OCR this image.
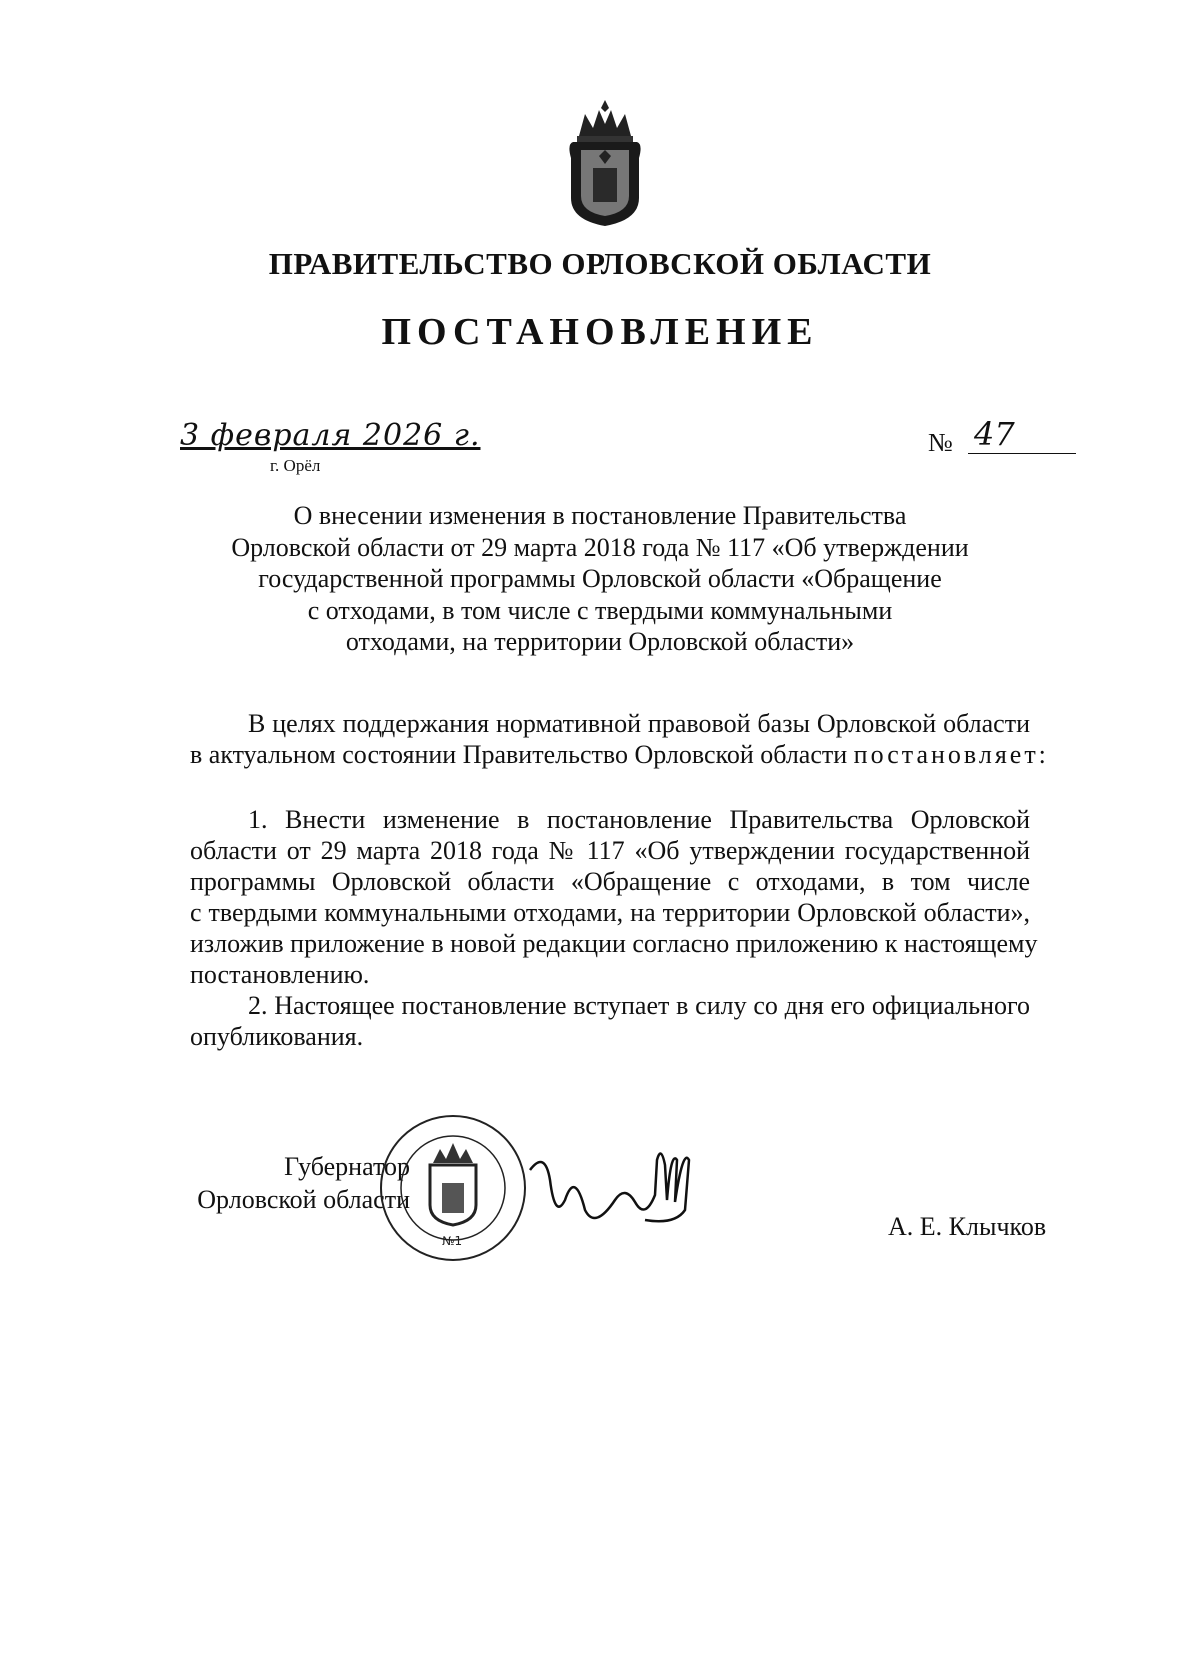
ПРАВИТЕЛЬСТВО ОРЛОВСКОЙ ОБЛАСТИ
ПОСТАНОВЛЕНИЕ
3 февраля 2026 г.
г. Орёл
№ 47
О внесении изменения в постановление Правительства
Орловской области от 29 марта 2018 года № 117 «Об утверждении
государственной программы Орловской области «Обращение
с отходами, в том числе с твердыми коммунальными
отходами, на территории Орловской области»
В целях поддержания нормативной правовой базы Орловской области
в актуальном состоянии Правительство Орловской области постановляет:
1. Внести изменение в постановление Правительства Орловской
области от 29 марта 2018 года № 117 «Об утверждении государственной
программы Орловской области «Обращение с отходами, в том числе
с твердыми коммунальными отходами, на территории Орловской области»,
изложив приложение в новой редакции согласно приложению к настоящему
постановлению.
2. Настоящее постановление вступает в силу со дня его официального
опубликования.
Губернатор
Орловской области
№1	А. Е. Клычков
